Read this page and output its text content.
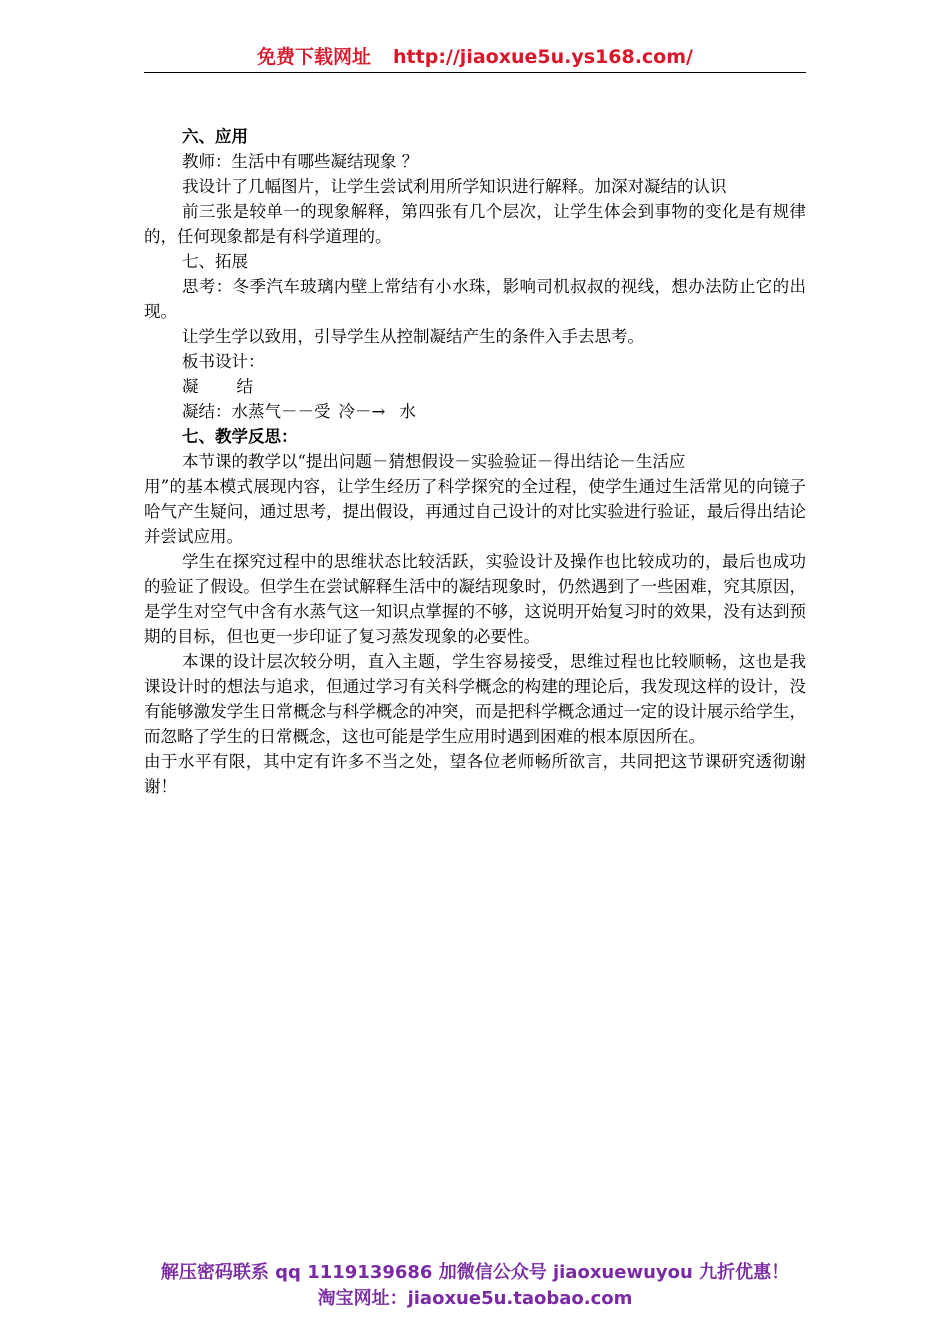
免费下载网址 http://jiaoxue5u.ys168.com/

六、应用

教师：生活中有哪些凝结现象 ？

我设计了几幅图片，让学生尝试利用所学知识进行解释。加深对凝结的认识

前三张是较单一的现象解释，第四张有几个层次，让学生体会到事物的变化是有规律的，任何现象都是有科学道理的。

七、拓展

思考：冬季汽车玻璃内壁上常结有小水珠，影响司机叔叔的视线，想办法防止它的出现。

让学生学以致用，引导学生从控制凝结产生的条件入手去思考。

板书设计：

凝 结

凝结：水蒸气－－受 冷－→ 水

七、教学反思：

本节课的教学以“提出问题－猜想假设－实验验证－得出结论－生活应

用”的基本模式展现内容，让学生经历了科学探究的全过程，使学生通过生活常见的向镜子哈气产生疑问，通过思考，提出假设，再通过自己设计的对比实验进行验证，最后得出结论并尝试应用。

学生在探究过程中的思维状态比较活跃，实验设计及操作也比较成功的，最后也成功的验证了假设。但学生在尝试解释生活中的凝结现象时，仍然遇到了一些困难，究其原因，是学生对空气中含有水蒸气这一知识点掌握的不够，这说明开始复习时的效果，没有达到预期的目标，但也更一步印证了复习蒸发现象的必要性。

本课的设计层次较分明，直入主题，学生容易接受，思维过程也比较顺畅，这也是我课设计时的想法与追求，但通过学习有关科学概念的构建的理论后，我发现这样的设计，没有能够激发学生日常概念与科学概念的冲突，而是把科学概念通过一定的设计展示给学生，而忽略了学生的日常概念，这也可能是学生应用时遇到困难的根本原因所在。

由于水平有限，其中定有许多不当之处，望各位老师畅所欲言，共同把这节课研究透彻谢谢！

解压密码联系 qq 1119139686 加微信公众号 jiaoxuewuyou 九折优惠！
淘宝网址：jiaoxue5u.taobao.com
